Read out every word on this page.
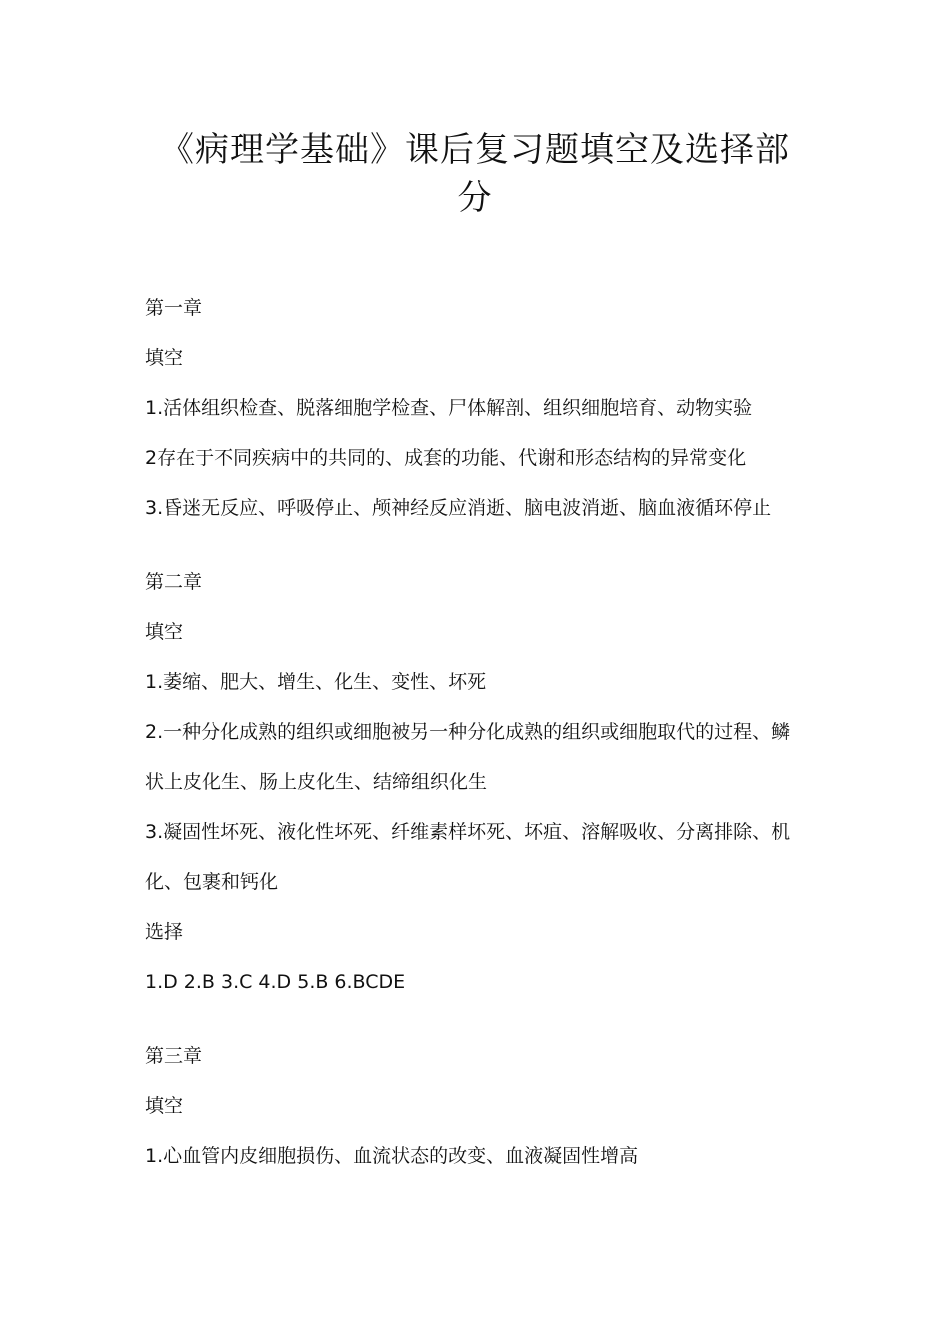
《病理学基础》课后复习题填空及选择部分

第一章

填空

1.活体组织检查、脱落细胞学检查、尸体解剖、组织细胞培育、动物实验

2存在于不同疾病中的共同的、成套的功能、代谢和形态结构的异常变化

3.昏迷无反应、呼吸停止、颅神经反应消逝、脑电波消逝、脑血液循环停止

第二章

填空

1.萎缩、肥大、增生、化生、变性、坏死

2.一种分化成熟的组织或细胞被另一种分化成熟的组织或细胞取代的过程、鳞状上皮化生、肠上皮化生、结缔组织化生

3.凝固性坏死、液化性坏死、纤维素样坏死、坏疽、溶解吸收、分离排除、机化、包裹和钙化

选择

1.D 2.B 3.C 4.D 5.B 6.BCDE

第三章

填空

1.心血管内皮细胞损伤、血流状态的改变、血液凝固性增高
